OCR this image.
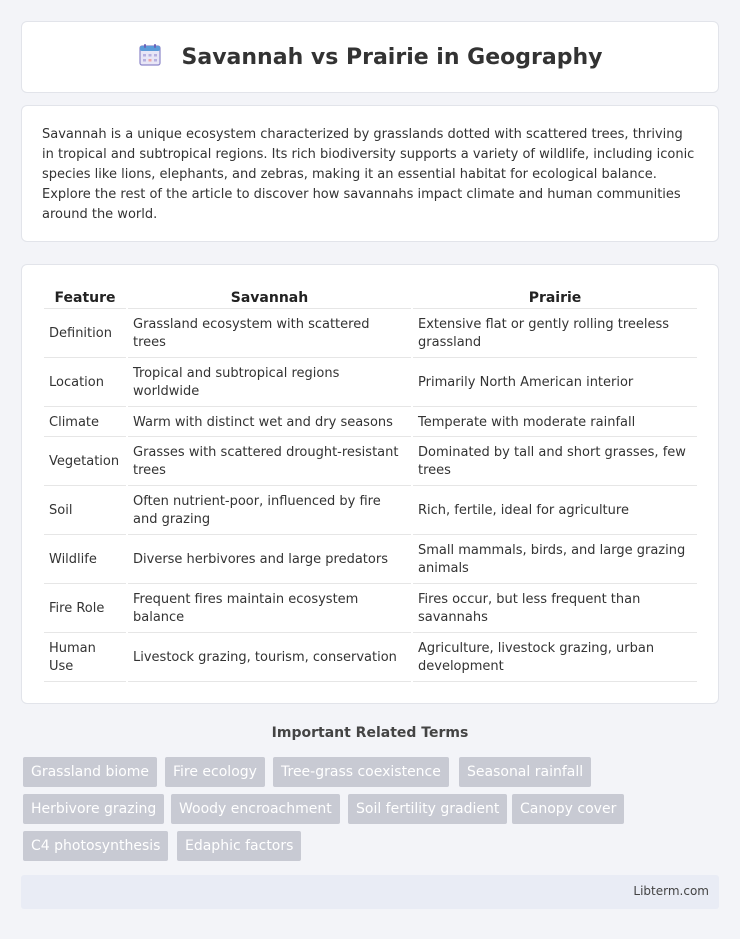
Savannah vs Prairie in Geography

Savannah is a unique ecosystem characterized by grasslands dotted with scattered trees, thriving in tropical and subtropical regions. Its rich biodiversity supports a variety of wildlife, including iconic species like lions, elephants, and zebras, making it an essential habitat for ecological balance. Explore the rest of the article to discover how savannahs impact climate and human communities around the world.

Feature	Savannah	Prairie
Definition	Grassland ecosystem with scattered trees	Extensive flat or gently rolling treeless grassland
Location	Tropical and subtropical regions worldwide	Primarily North American interior
Climate	Warm with distinct wet and dry seasons	Temperate with moderate rainfall
Vegetation	Grasses with scattered drought-resistant trees	Dominated by tall and short grasses, few trees
Soil	Often nutrient-poor, influenced by fire and grazing	Rich, fertile, ideal for agriculture
Wildlife	Diverse herbivores and large predators	Small mammals, birds, and large grazing animals
Fire Role	Frequent fires maintain ecosystem balance	Fires occur, but less frequent than savannahs
Human Use	Livestock grazing, tourism, conservation	Agriculture, livestock grazing, urban development
Important Related Terms
Grassland biome	Fire ecology	Tree-grass coexistence	Seasonal rainfall
Herbivore grazing	Woody encroachment	Soil fertility gradient	Canopy cover
C4 photosynthesis	Edaphic factors
Libterm.com
